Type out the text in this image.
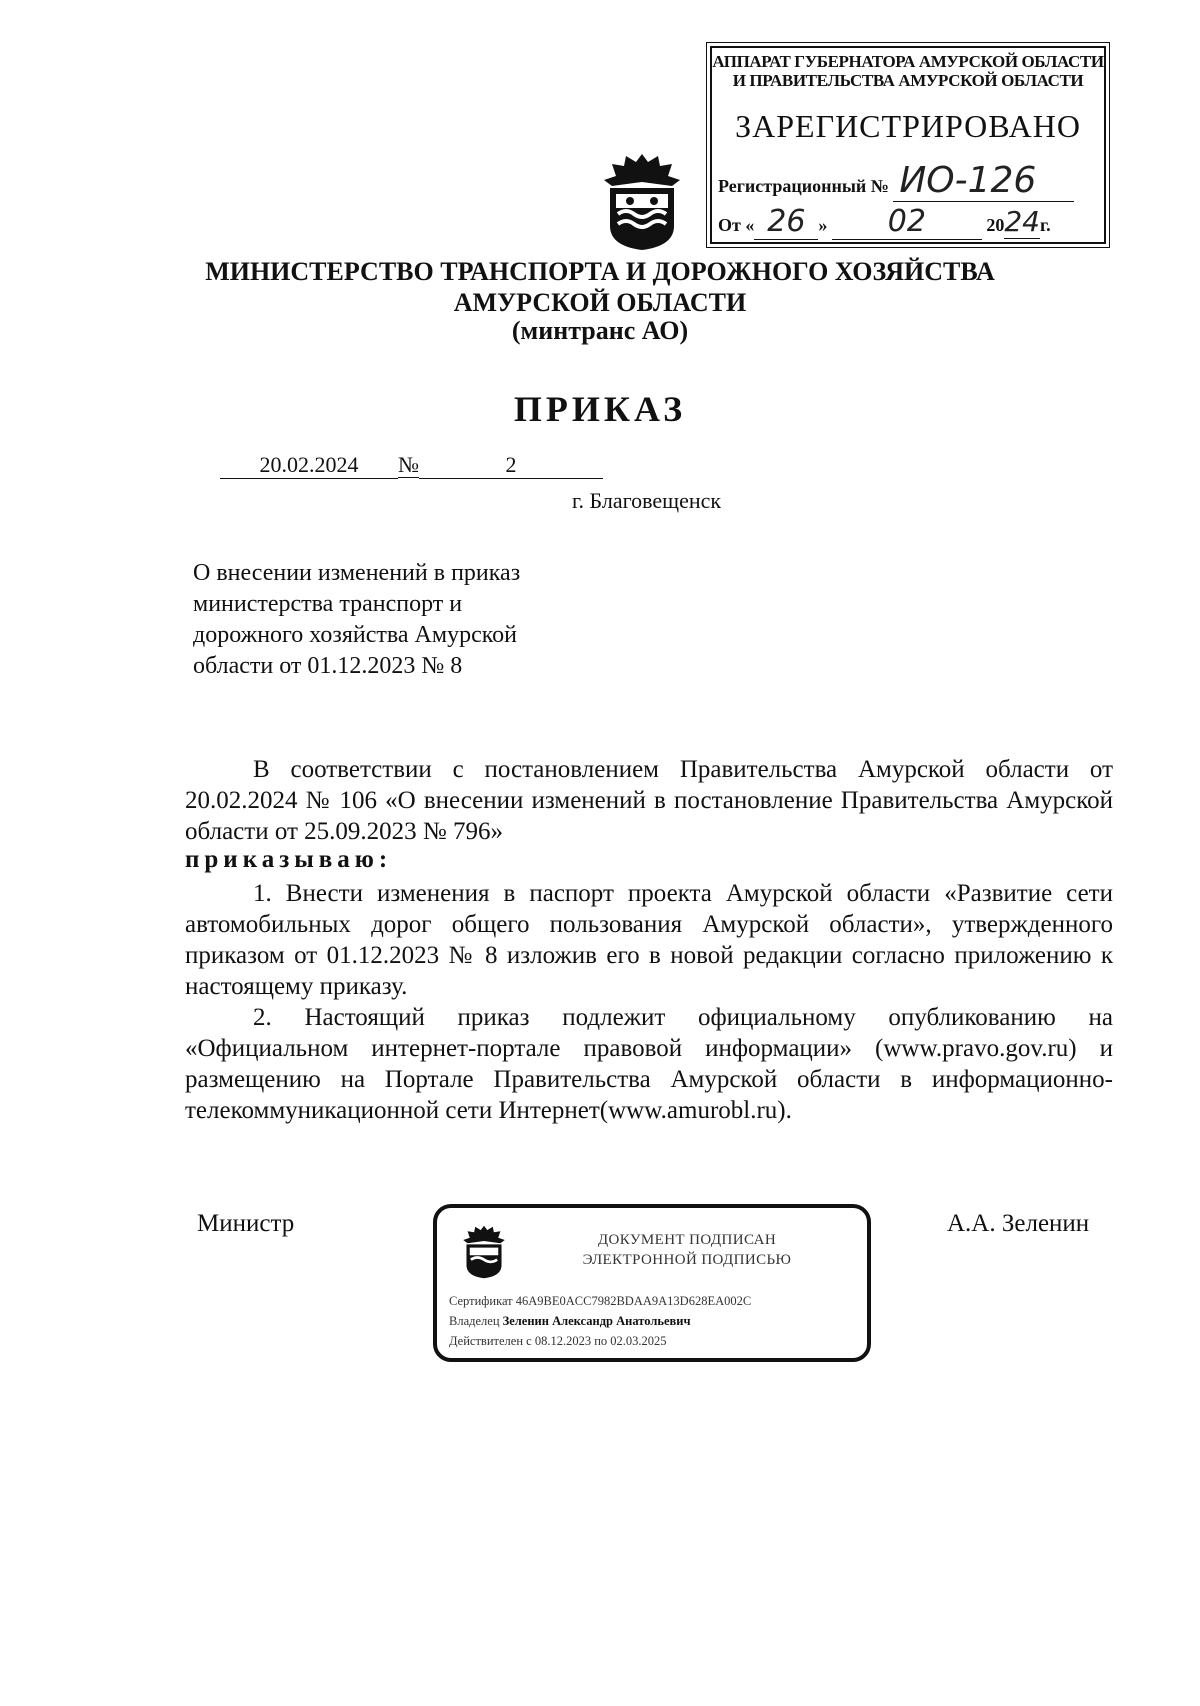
АППАРАТ ГУБЕРНАТОРА АМУРСКОЙ ОБЛАСТИ
И ПРАВИТЕЛЬСТВА АМУРСКОЙ ОБЛАСТИ
ЗАРЕГИСТРИРОВАНО
Регистрационный № ИО-126
От « 26 » 02	2024г.
МИНИСТЕРСТВО ТРАНСПОРТА И ДОРОЖНОГО ХОЗЯЙСТВА
АМУРСКОЙ ОБЛАСТИ
(минтранс АО)
ПРИКАЗ
20.02.2024 №	2
г. Благовещенск
О внесении изменений в приказ
министерства транспорт и
дорожного хозяйства Амурской
области от 01.12.2023 № 8
В соответствии с постановлением Правительства Амурской области от 20.02.2024 № 106 «О внесении изменений в постановление Правительства Амурской области от 25.09.2023 № 796»
приказываю:
1. Внести изменения в паспорт проекта Амурской области «Развитие сети автомобильных дорог общего пользования Амурской области», утвержденного приказом от 01.12.2023 № 8 изложив его в новой редакции согласно приложению к настоящему приказу.
2. Настоящий приказ подлежит официальному опубликованию на «Официальном интернет-портале правовой информации» (www.pravo.gov.ru) и размещению на Портале Правительства Амурской области в информационно-телекоммуникационной сети Интернет(www.amurobl.ru).
Министр	А.А. Зеленин
ДОКУМЕНТ ПОДПИСАН
ЭЛЕКТРОННОЙ ПОДПИСЬЮ
Сертификат 46A9BE0ACC7982BDAA9A13D628EA002C
Владелец Зеленин Александр Анатольевич
Действителен с 08.12.2023 по 02.03.2025
